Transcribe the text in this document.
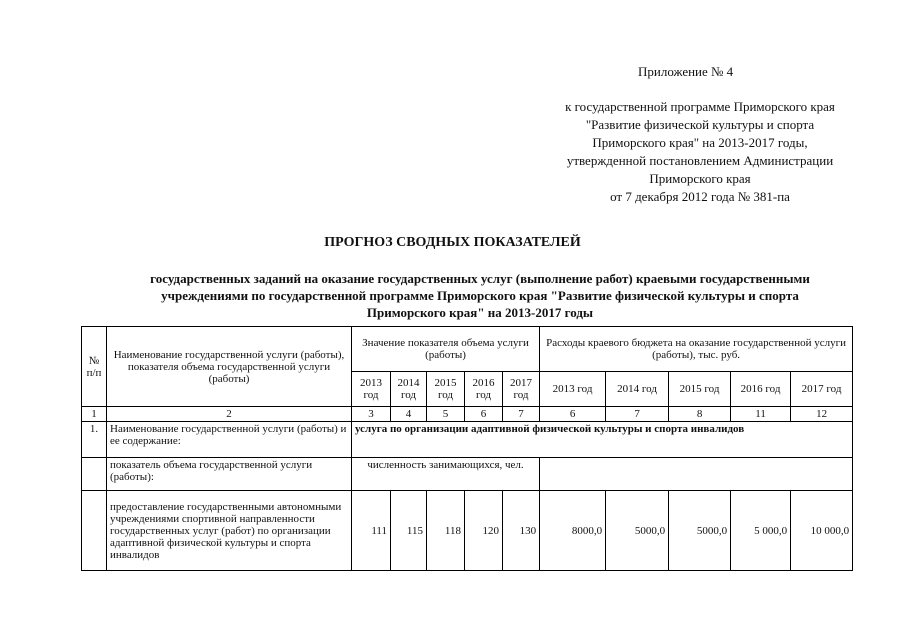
Приложение № 4
к государственной программе Приморского края
"Развитие физической культуры и спорта
Приморского края" на 2013-2017 годы,
утвержденной постановлением Администрации
Приморского края
от 7 декабря 2012 года № 381-па
ПРОГНОЗ СВОДНЫХ ПОКАЗАТЕЛЕЙ
государственных заданий на оказание государственных услуг (выполнение работ) краевыми государственными
учреждениями по государственной программе Приморского края "Развитие физической культуры и спорта
Приморского края" на 2013-2017 годы
№ п/п	Наименование государственной услуги (работы), показателя объема государственной услуги (работы)	Значение показателя объема услуги (работы)					Расходы краевого бюджета на оказание государственной услуги (работы), тыс. руб.				
		2013 год	2014 год	2015 год	2016 год	2017 год	2013 год	2014 год	2015 год	2016 год	2017 год
1	2	3	4	5	6	7	6	7	8	11	12
1.	Наименование государственной услуги (работы) и ее содержание:	услуга по организации адаптивной физической культуры и спорта инвалидов									
	показатель объема государственной услуги (работы):	численность занимающихся, чел.									
	предоставление государственными автономными учреждениями спортивной направленности государственных услуг (работ) по организации адаптивной физической культуры и спорта инвалидов	111	115	118	120	130	8000,0	5000,0	5000,0	5 000,0	10 000,0
